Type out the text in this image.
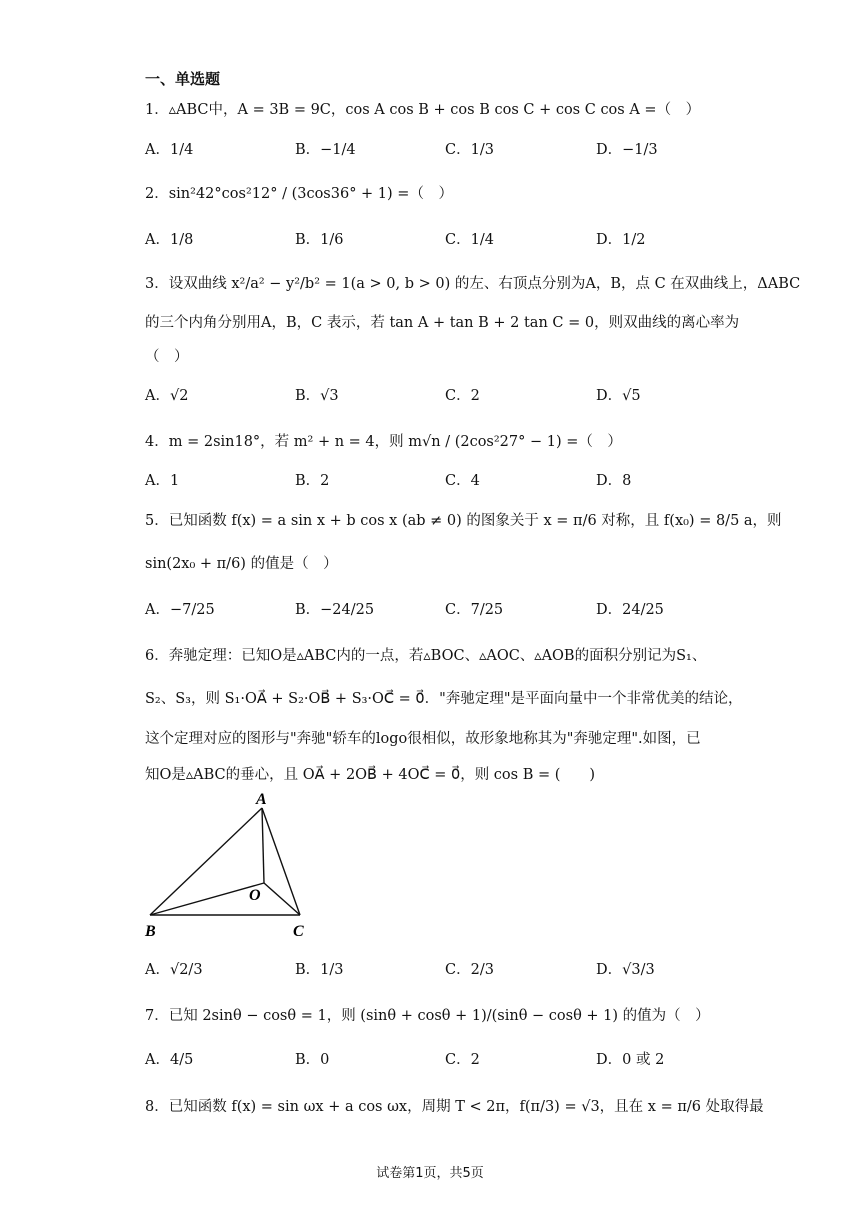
一、单选题
1．▵ABC中，A = 3B = 9C，cos A cos B + cos B cos C + cos C cos A =（　）
A．1/4	B．−1/4	C．1/3	D．−1/3
2．sin²42°cos²12° / (3cos36° + 1) =（　）
A．1/8	B．1/6	C．1/4	D．1/2
3．设双曲线 x²/a² − y²/b² = 1(a > 0, b > 0) 的左、右顶点分别为A，B，点 C 在双曲线上，ΔABC
的三个内角分别用A，B，C 表示，若 tan A + tan B + 2 tan C = 0，则双曲线的离心率为
（　）
A．√2	B．√3	C．2	D．√5
4．m = 2sin18°，若 m² + n = 4，则 m√n / (2cos²27° − 1) =（　）
A．1	B．2	C．4	D．8
5．已知函数 f(x) = a sin x + b cos x (ab ≠ 0) 的图象关于 x = π/6 对称，且 f(x₀) = 8/5 a，则
sin(2x₀ + π/6) 的值是（　）
A．−7/25	B．−24/25	C．7/25	D．24/25
6．奔驰定理：已知O是▵ABC内的一点，若▵BOC、▵AOC、▵AOB的面积分别记为S₁、
S₂、S₃，则 S₁·OA⃗ + S₂·OB⃗ + S₃·OC⃗ = 0⃗．"奔驰定理"是平面向量中一个非常优美的结论，
这个定理对应的图形与"奔驰"轿车的logo很相似，故形象地称其为"奔驰定理".如图，已
知O是▵ABC的垂心，且 OA⃗ + 2OB⃗ + 4OC⃗ = 0⃗，则 cos B = (　　)
A
O
B	C
A．√2/3	B．1/3	C．2/3	D．√3/3
7．已知 2sinθ − cosθ = 1，则 (sinθ + cosθ + 1)/(sinθ − cosθ + 1) 的值为（　）
A．4/5	B．0	C．2	D．0 或 2
8．已知函数 f(x) = sin ωx + a cos ωx，周期 T < 2π，f(π/3) = √3，且在 x = π/6 处取得最
试卷第1页，共5页
